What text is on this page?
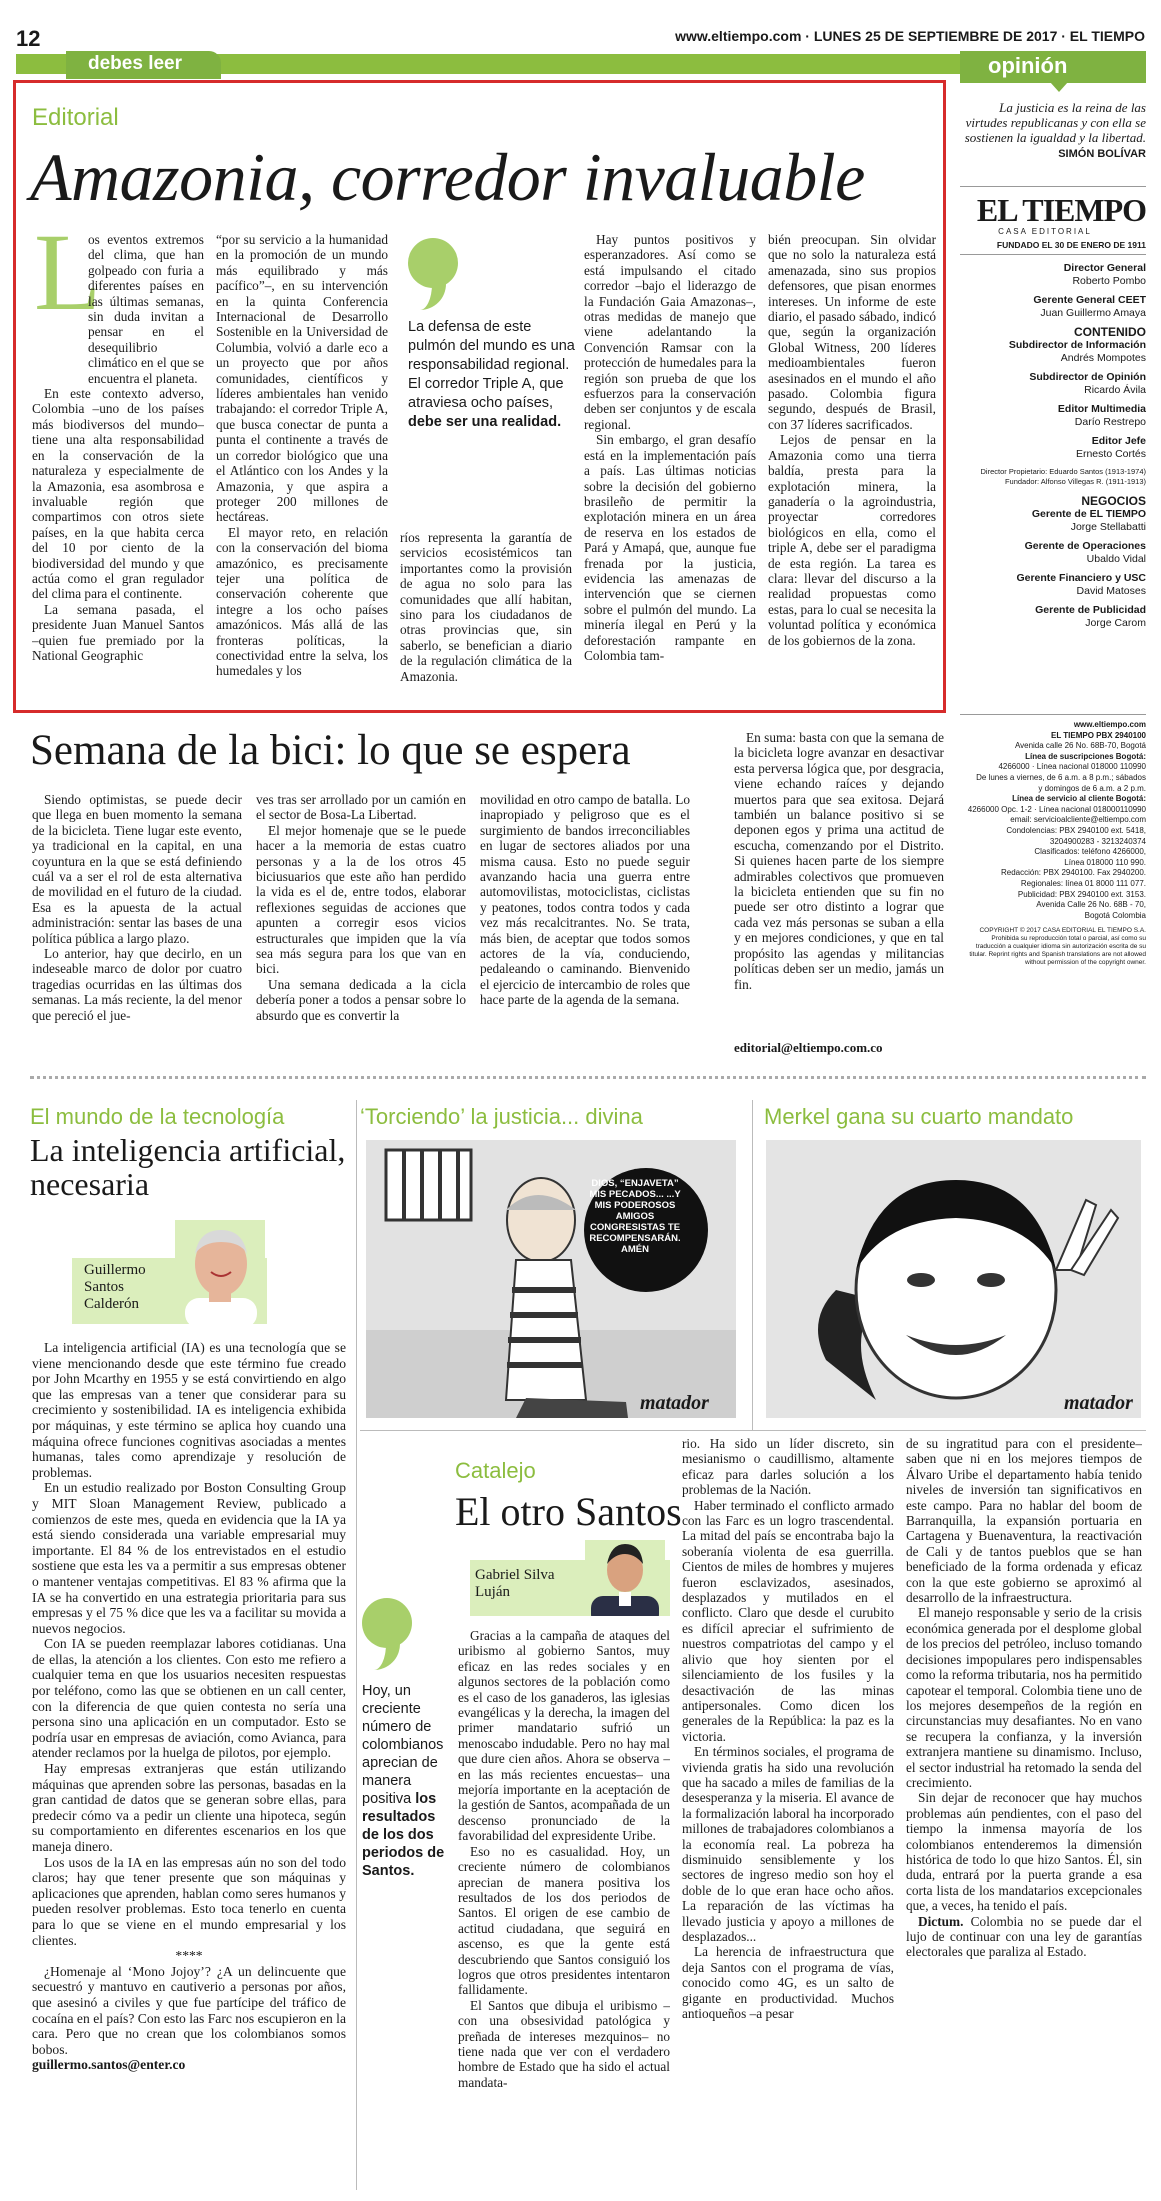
12	www.eltiempo.com · LUNES 25 DE SEPTIEMBRE DE 2017 · EL TIEMPO
debes leer	opinión
Editorial
Amazonia, corredor invaluable
L

os eventos extremos del clima, que han golpeado con furia a diferentes países en las últimas semanas, sin duda invitan a pensar en el desequilibrio climático en el que se encuentra el planeta.

En este contexto adverso, Colombia –uno de los países más biodiversos del mundo– tiene una alta responsabilidad en la conservación de la naturaleza y especialmente de la Amazonia, esa asombrosa e invaluable región que compartimos con otros siete países, en la que habita cerca del 10 por ciento de la biodiversidad del mundo y que actúa como el gran regulador del clima para el continente.

La semana pasada, el presidente Juan Manuel Santos –quien fue premiado por la National Geographic

“por su servicio a la humanidad en la promoción de un mundo más equilibrado y más pacífico”–, en su intervención en la quinta Conferencia Internacional de Desarrollo Sostenible en la Universidad de Columbia, volvió a darle eco a un proyecto que por años comunidades, científicos y líderes ambientales han venido trabajando: el corredor Triple A, que busca conectar de punta a punta el continente a través de un corredor biológico que una el Atlántico con los Andes y la Amazonia, y que aspira a proteger 200 millones de hectáreas.

El mayor reto, en relación con la conservación del bioma amazónico, es precisamente tejer una política de conservación coherente que integre a los ocho países amazónicos. Más allá de las fronteras políticas, la conectividad entre la selva, los humedales y los

La defensa de este pulmón del mundo es una responsabilidad regional. El corredor Triple A, que atraviesa ocho países, debe ser una realidad.

ríos representa la garantía de servicios ecosistémicos tan importantes como la provisión de agua no solo para las comunidades que allí habitan, sino para los ciudadanos de otras provincias que, sin saberlo, se benefician a diario de la regulación climática de la Amazonia.

Hay puntos positivos y esperanzadores. Así como se está impulsando el citado corredor –bajo el liderazgo de la Fundación Gaia Amazonas–, otras medidas de manejo que viene adelantando la Convención Ramsar con la protección de humedales para la región son prueba de que los esfuerzos para la conservación deben ser conjuntos y de escala regional.

Sin embargo, el gran desafío está en la implementación país a país. Las últimas noticias sobre la decisión del gobierno brasileño de permitir la explotación minera en un área de reserva en los estados de Pará y Amapá, que, aunque fue frenada por la justicia, evidencia las amenazas de intervención que se ciernen sobre el pulmón del mundo. La minería ilegal en Perú y la deforestación rampante en Colombia tam-

bién preocupan. Sin olvidar que no solo la naturaleza está amenazada, sino sus propios defensores, que pisan enormes intereses. Un informe de este diario, el pasado sábado, indicó que, según la organización Global Witness, 200 líderes medioambientales fueron asesinados en el mundo el año pasado. Colombia figura segundo, después de Brasil, con 37 líderes sacrificados.

Lejos de pensar en la Amazonia como una tierra baldía, presta para la explotación minera, la ganadería o la agroindustria, proyectar corredores biológicos en ella, como el triple A, debe ser el paradigma de esta región. La tarea es clara: llevar del discurso a la realidad propuestas como estas, para lo cual se necesita la voluntad política y económica de los gobiernos de la zona.

La justicia es la reina de las virtudes republicanas y con ella se sostienen la igualdad y la libertad.
SIMÓN BOLÍVAR
EL TIEMPO
CASA EDITORIAL
FUNDADO EL 30 DE ENERO DE 1911
Director General
Roberto Pombo
Gerente General CEET
Juan Guillermo Amaya
CONTENIDO
Subdirector de Información
Andrés Mompotes
Subdirector de Opinión
Ricardo Ávila
Editor Multimedia
Darío Restrepo
Editor Jefe
Ernesto Cortés
Director Propietario: Eduardo Santos (1913-1974)
Fundador: Alfonso Villegas R. (1911-1913)
NEGOCIOS
Gerente de EL TIEMPO
Jorge Stellabatti
Gerente de Operaciones
Ubaldo Vidal
Gerente Financiero y USC
David Matoses
Gerente de Publicidad
Jorge Carom
www.eltiempo.com
EL TIEMPO PBX 2940100
Avenida calle 26 No. 68B-70, Bogotá
Línea de suscripciones Bogotá:
4266000 · Línea nacional 018000 110990
De lunes a viernes, de 6 a.m. a 8 p.m.; sábados
y domingos de 6 a.m. a 2 p.m.
Línea de servicio al cliente Bogotá:
4266000 Opc. 1-2 · Línea nacional 018000110990
email: servicioalcliente@eltiempo.com
Condolencias: PBX 2940100 ext. 5418,
3204900283 - 3213240374
Clasificados: teléfono 4266000,
Línea 018000 110 990.
Redacción: PBX 2940100. Fax 2940200.
Regionales: línea 01 8000 111 077.
Publicidad: PBX 2940100 ext. 3153.
Avenida Calle 26 No. 68B - 70,
Bogotá Colombia
COPYRIGHT © 2017 CASA EDITORIAL EL TIEMPO S.A. Prohibida su reproducción total o parcial, así como su traducción a cualquier idioma sin autorización escrita de su titular. Reprint rights and Spanish translations are not allowed without permission of the copyright owner.
Semana de la bici: lo que se espera

Siendo optimistas, se puede decir que llega en buen momento la semana de la bicicleta. Tiene lugar este evento, ya tradicional en la capital, en una coyuntura en la que se está definiendo cuál va a ser el rol de esta alternativa de movilidad en el futuro de la ciudad. Esa es la apuesta de la actual administración: sentar las bases de una política pública a largo plazo.

Lo anterior, hay que decirlo, en un indeseable marco de dolor por cuatro tragedias ocurridas en las últimas dos semanas. La más reciente, la del menor que pereció el jue-

ves tras ser arrollado por un camión en el sector de Bosa-La Libertad.

El mejor homenaje que se le puede hacer a la memoria de estas cuatro personas y a la de los otros 45 biciusuarios que este año han perdido la vida es el de, entre todos, elaborar reflexiones seguidas de acciones que apunten a corregir esos vicios estructurales que impiden que la vía sea más segura para los que van en bici.

Una semana dedicada a la cicla debería poner a todos a pensar sobre lo absurdo que es convertir la

movilidad en otro campo de batalla. Lo inapropiado y peligroso que es el surgimiento de bandos irreconciliables en lugar de sectores aliados por una misma causa. Esto no puede seguir avanzando hacia una guerra entre automovilistas, motociclistas, ciclistas y peatones, todos contra todos y cada vez más recalcitrantes. No. Se trata, más bien, de aceptar que todos somos actores de la vía, conduciendo, pedaleando o caminando. Bienvenido el ejercicio de intercambio de roles que hace parte de la agenda de la semana.

En suma: basta con que la semana de la bicicleta logre avanzar en desactivar esta perversa lógica que, por desgracia, viene echando raíces y dejando muertos para que sea exitosa. Dejará también un balance positivo si se deponen egos y prima una actitud de escucha, comenzando por el Distrito. Si quienes hacen parte de los siempre admirables colectivos que promueven la bicicleta entienden que su fin no puede ser otro distinto a lograr que cada vez más personas se suban a ella y en mejores condiciones, y que en tal propósito las agendas y militancias políticas deben ser un medio, jamás un fin.

editorial@eltiempo.com.co
El mundo de la tecnología
La inteligencia artificial, necesaria
Guillermo Santos Calderón

La inteligencia artificial (IA) es una tecnología que se viene mencionando desde que este término fue creado por John Mcarthy en 1955 y se está convirtiendo en algo que las empresas van a tener que considerar para su crecimiento y sostenibilidad. IA es inteligencia exhibida por máquinas, y este término se aplica hoy cuando una máquina ofrece funciones cognitivas asociadas a mentes humanas, tales como aprendizaje y resolución de problemas.

En un estudio realizado por Boston Consulting Group y MIT Sloan Management Review, publicado a comienzos de este mes, queda en evidencia que la IA ya está siendo considerada una variable empresarial muy importante. El 84 % de los entrevistados en el estudio sostiene que esta les va a permitir a sus empresas obtener o mantener ventajas competitivas. El 83 % afirma que la IA se ha convertido en una estrategia prioritaria para sus empresas y el 75 % dice que les va a facilitar su movida a nuevos negocios.

Con IA se pueden reemplazar labores cotidianas. Una de ellas, la atención a los clientes. Con esto me refiero a cualquier tema en que los usuarios necesiten respuestas por teléfono, como las que se obtienen en un call center, con la diferencia de que quien contesta no sería una persona sino una aplicación en un computador. Esto se podría usar en empresas de aviación, como Avianca, para atender reclamos por la huelga de pilotos, por ejemplo.

Hay empresas extranjeras que están utilizando máquinas que aprenden sobre las personas, basadas en la gran cantidad de datos que se generan sobre ellas, para predecir cómo va a pedir un cliente una hipoteca, según su comportamiento en diferentes escenarios en los que maneja dinero.

Los usos de la IA en las empresas aún no son del todo claros; hay que tener presente que son máquinas y aplicaciones que aprenden, hablan como seres humanos y pueden resolver problemas. Esto toca tenerlo en cuenta para lo que se viene en el mundo empresarial y los clientes.

****

¿Homenaje al ‘Mono Jojoy’? ¿A un delincuente que secuestró y mantuvo en cautiverio a personas por años, que asesinó a civiles y que fue partícipe del tráfico de cocaína en el país? Con esto las Farc nos escupieron en la cara. Pero que no crean que los colombianos somos bobos.

guillermo.santos@enter.co

‘Torciendo’ la justicia... divina
DIOS, “ENJAVETA” MIS PECADOS... ...Y MIS PODEROSOS AMIGOS CONGRESISTAS TE RECOMPENSARÁN. AMÉN
matador
Merkel gana su cuarto mandato
matador
Catalejo
El otro Santos
Gabriel Silva Luján
Hoy, un creciente número de colombianos aprecian de manera positiva los resultados de los dos periodos de Santos.

Gracias a la campaña de ataques del uribismo al gobierno Santos, muy eficaz en las redes sociales y en algunos sectores de la población como es el caso de los ganaderos, las iglesias evangélicas y la derecha, la imagen del primer mandatario sufrió un menoscabo indudable. Pero no hay mal que dure cien años. Ahora se observa –en las más recientes encuestas– una mejoría importante en la aceptación de la gestión de Santos, acompañada de un descenso pronunciado de la favorabilidad del expresidente Uribe.

Eso no es casualidad. Hoy, un creciente número de colombianos aprecian de manera positiva los resultados de los dos periodos de Santos. El origen de ese cambio de actitud ciudadana, que seguirá en ascenso, es que la gente está descubriendo que Santos consiguió los logros que otros presidentes intentaron fallidamente.

El Santos que dibuja el uribismo –con una obsesividad patológica y preñada de intereses mezquinos– no tiene nada que ver con el verdadero hombre de Estado que ha sido el actual mandata-

rio. Ha sido un líder discreto, sin mesianismo o caudillismo, altamente eficaz para darles solución a los problemas de la Nación.

Haber terminado el conflicto armado con las Farc es un logro trascendental. La mitad del país se encontraba bajo la soberanía violenta de esa guerrilla. Cientos de miles de hombres y mujeres fueron esclavizados, asesinados, desplazados y mutilados en el conflicto. Claro que desde el curubito es difícil apreciar el sufrimiento de nuestros compatriotas del campo y el alivio que hoy sienten por el silenciamiento de los fusiles y la desactivación de las minas antipersonales. Como dicen los generales de la República: la paz es la victoria.

En términos sociales, el programa de vivienda gratis ha sido una revolución que ha sacado a miles de familias de la desesperanza y la miseria. El avance de la formalización laboral ha incorporado millones de trabajadores colombianos a la economía real. La pobreza ha disminuido sensiblemente y los sectores de ingreso medio son hoy el doble de lo que eran hace ocho años. La reparación de las víctimas ha llevado justicia y apoyo a millones de desplazados...

La herencia de infraestructura que deja Santos con el programa de vías, conocido como 4G, es un salto de gigante en productividad. Muchos antioqueños –a pesar

de su ingratitud para con el presidente– saben que ni en los mejores tiempos de Álvaro Uribe el departamento había tenido niveles de inversión tan significativos en este campo. Para no hablar del boom de Barranquilla, la expansión portuaria en Cartagena y Buenaventura, la reactivación de Cali y de tantos pueblos que se han beneficiado de la forma ordenada y eficaz con la que este gobierno se aproximó al desarrollo de la infraestructura.

El manejo responsable y serio de la crisis económica generada por el desplome global de los precios del petróleo, incluso tomando decisiones impopulares pero indispensables como la reforma tributaria, nos ha permitido capotear el temporal. Colombia tiene uno de los mejores desempeños de la región en circunstancias muy desafiantes. No en vano se recupera la confianza, y la inversión extranjera mantiene su dinamismo. Incluso, el sector industrial ha retomado la senda del crecimiento.

Sin dejar de reconocer que hay muchos problemas aún pendientes, con el paso del tiempo la inmensa mayoría de los colombianos entenderemos la dimensión histórica de todo lo que hizo Santos. Él, sin duda, entrará por la puerta grande a esa corta lista de los mandatarios excepcionales que, a veces, ha tenido el país.

Dictum. Colombia no se puede dar el lujo de continuar con una ley de garantías electorales que paraliza al Estado.
